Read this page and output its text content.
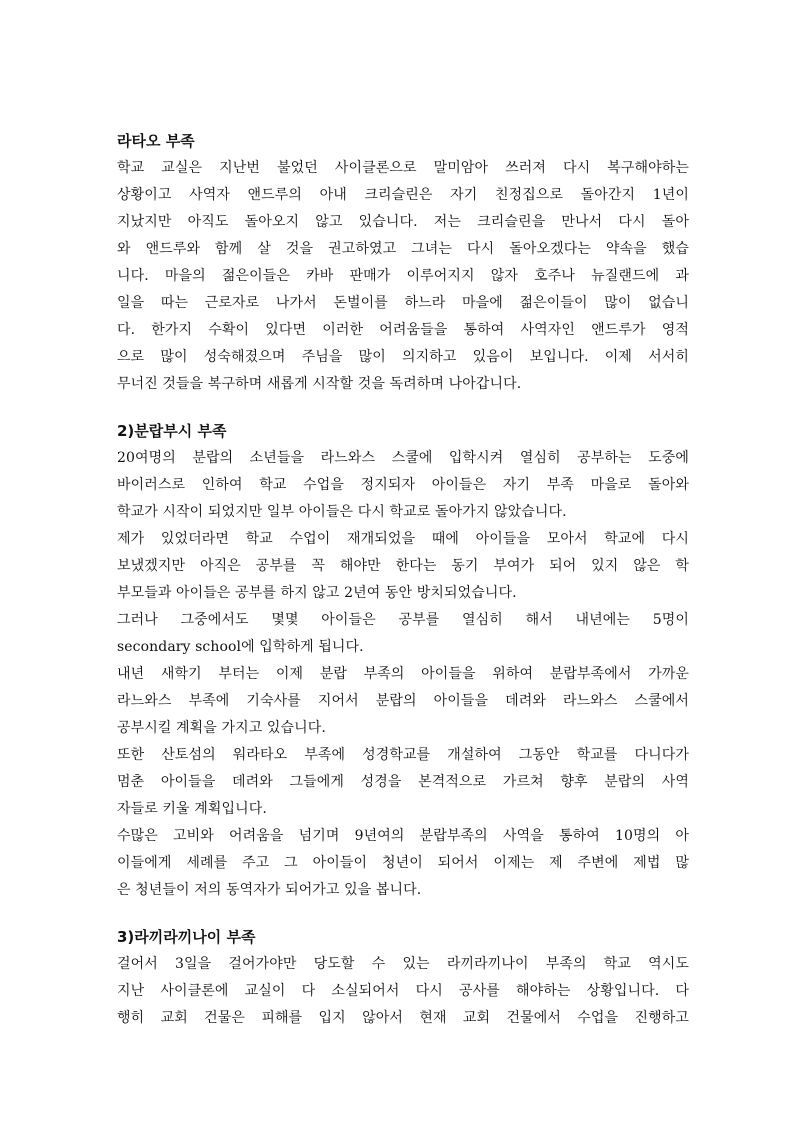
라타오 부족
학교 교실은 지난번 불었던 사이클론으로 말미암아 쓰러져 다시 복구해야하는
상황이고 사역자 앤드루의 아내 크리슬린은 자기 친정집으로 돌아간지 1년이
지났지만 아직도 돌아오지 않고 있습니다. 저는 크리슬린을 만나서 다시 돌아
와 앤드루와 함께 살 것을 권고하였고 그녀는 다시 돌아오겠다는 약속을 했습
니다. 마을의 젊은이들은 카바 판매가 이루어지지 않자 호주나 뉴질랜드에 과
일을 따는 근로자로 나가서 돈벌이를 하느라 마을에 젊은이들이 많이 없습니
다. 한가지 수확이 있다면 이러한 어려움들을 통하여 사역자인 앤드루가 영적
으로 많이 성숙해졌으며 주님을 많이 의지하고 있음이 보입니다. 이제 서서히
무너진 것들을 복구하며 새롭게 시작할 것을 독려하며 나아갑니다.
2)분랍부시 부족
20여명의 분랍의 소년들을 라느와스 스쿨에 입학시켜 열심히 공부하는 도중에
바이러스로 인하여 학교 수업을 정지되자 아이들은 자기 부족 마을로 돌아와
학교가 시작이 되었지만 일부 아이들은 다시 학교로 돌아가지 않았습니다.
제가 있었더라면 학교 수업이 재개되었을 때에 아이들을 모아서 학교에 다시
보냈겠지만 아직은 공부를 꼭 해야만 한다는 동기 부여가 되어 있지 않은 학
부모들과 아이들은 공부를 하지 않고 2년여 동안 방치되었습니다.
그러나 그중에서도 몇몇 아이들은 공부를 열심히 해서 내년에는 5명이
secondary school에 입학하게 됩니다.
내년 새학기 부터는 이제 분랍 부족의 아이들을 위하여 분랍부족에서 가까운
라느와스 부족에 기숙사를 지어서 분랍의 아이들을 데려와 라느와스 스쿨에서
공부시킬 계획을 가지고 있습니다.
또한 산토섬의 워라타오 부족에 성경학교를 개설하여 그동안 학교를 다니다가
멈춘 아이들을 데려와 그들에게 성경을 본격적으로 가르쳐 향후 분랍의 사역
자들로 키울 계획입니다.
수많은 고비와 어려움을 넘기며 9년여의 분랍부족의 사역을 통하여 10명의 아
이들에게 세례를 주고 그 아이들이 청년이 되어서 이제는 제 주변에 제법 많
은 청년들이 저의 동역자가 되어가고 있을 봅니다.
3)라끼라끼나이 부족
걸어서 3일을 걸어가야만 당도할 수 있는 라끼라끼나이 부족의 학교 역시도
지난 사이클론에 교실이 다 소실되어서 다시 공사를 해야하는 상황입니다. 다
행히 교회 건물은 피해를 입지 않아서 현재 교회 건물에서 수업을 진행하고
